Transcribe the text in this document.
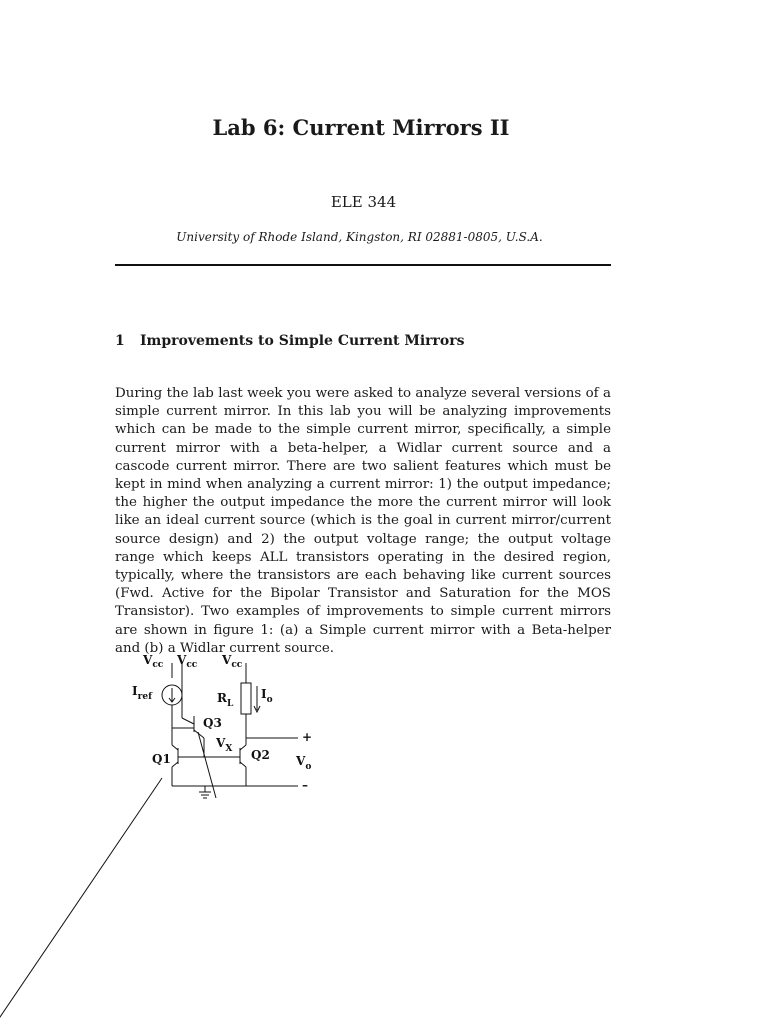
Lab 6: Current Mirrors II
ELE 344
University of Rhode Island, Kingston, RI 02881-0805, U.S.A.
1 Improvements to Simple Current Mirrors

During the lab last week you were asked to analyze several versions of a simple current mirror. In this lab you will be analyzing improvements which can be made to the simple current mirror, specifically, a simple current mirror with a beta-helper, a Widlar current source and a cascode current mirror. There are two salient features which must be kept in mind when analyzing a current mirror: 1) the output impedance; the higher the output impedance the more the current mirror will look like an ideal current source (which is the goal in current mirror/current source design) and 2) the output voltage range; the output voltage range which keeps ALL transistors operating in the desired region, typically, where the transistors are each behaving like current sources (Fwd. Active for the Bipolar Transistor and Saturation for the MOS Transistor). Two examples of improvements to simple current mirrors are shown in figure 1: (a) a Simple current mirror with a Beta-helper and (b) a Widlar current source.

$V_{cc}$ $V_{cc}$ $V_{cc}$
$I_{ref}$	$R_L$
$I_o$
Q3
$V_X$
Q1	Q2
+
$V_o$
–
